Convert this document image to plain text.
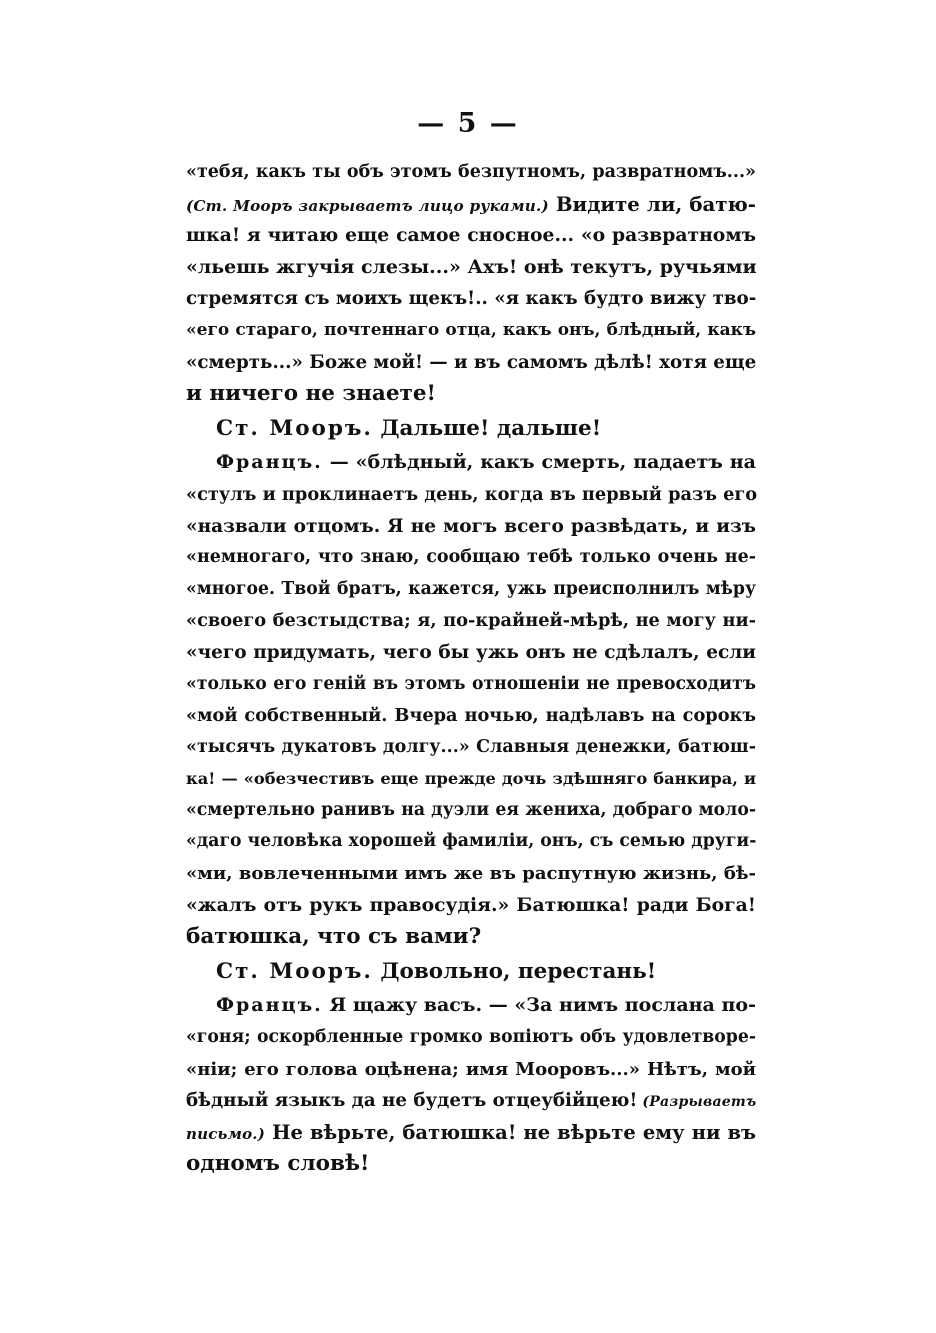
— 5 —
«тебя, какъ ты объ этомъ безпутномъ, развратномъ...»
(Ст. Мооръ закрываетъ лицо руками.) Видите ли, батю-
шка! я читаю еще самое сносное... «о развратномъ
«льешь жгучія слезы...» Ахъ! онѣ текутъ, ручьями
стремятся съ моихъ щекъ!.. «я какъ будто вижу тво-
«его стараго, почтеннаго отца, какъ онъ, блѣдный, какъ
«смерть...» Боже мой! — и въ самомъ дѣлѣ! хотя еще
и ничего не знаете!
Ст. Мооръ. Дальше! дальше!
Францъ. — «блѣдный, какъ смерть, падаетъ на
«стулъ и проклинаетъ день, когда въ первый разъ его
«назвали отцомъ. Я не могъ всего развѣдать, и изъ
«немногаго, что знаю, сообщаю тебѣ только очень не-
«многое. Твой братъ, кажется, ужь преисполнилъ мѣру
«своего безстыдства; я, по-крайней-мѣрѣ, не могу ни-
«чего придумать, чего бы ужь онъ не сдѣлалъ, если
«только его геній въ этомъ отношеніи не превосходитъ
«мой собственный. Вчера ночью, надѣлавъ на сорокъ
«тысячъ дукатовъ долгу...» Славныя денежки, батюш-
ка! — «обезчестивъ еще прежде дочь здѣшняго банкира, и
«смертельно ранивъ на дуэли ея жениха, добраго моло-
«даго человѣка хорошей фамиліи, онъ, съ семью други-
«ми, вовлеченными имъ же въ распутную жизнь, бѣ-
«жалъ отъ рукъ правосудія.» Батюшка! ради Бога!
батюшка, что съ вами?
Ст. Мооръ. Довольно, перестань!
Францъ. Я щажу васъ. — «За нимъ послана по-
«гоня; оскорбленные громко вопіютъ объ удовлетворе-
«ніи; его голова оцѣнена; имя Мооровъ...» Нѣтъ, мой
бѣдный языкъ да не будетъ отцеубійцею! (Разрываетъ
письмо.) Не вѣрьте, батюшка! не вѣрьте ему ни въ
одномъ словѣ!
